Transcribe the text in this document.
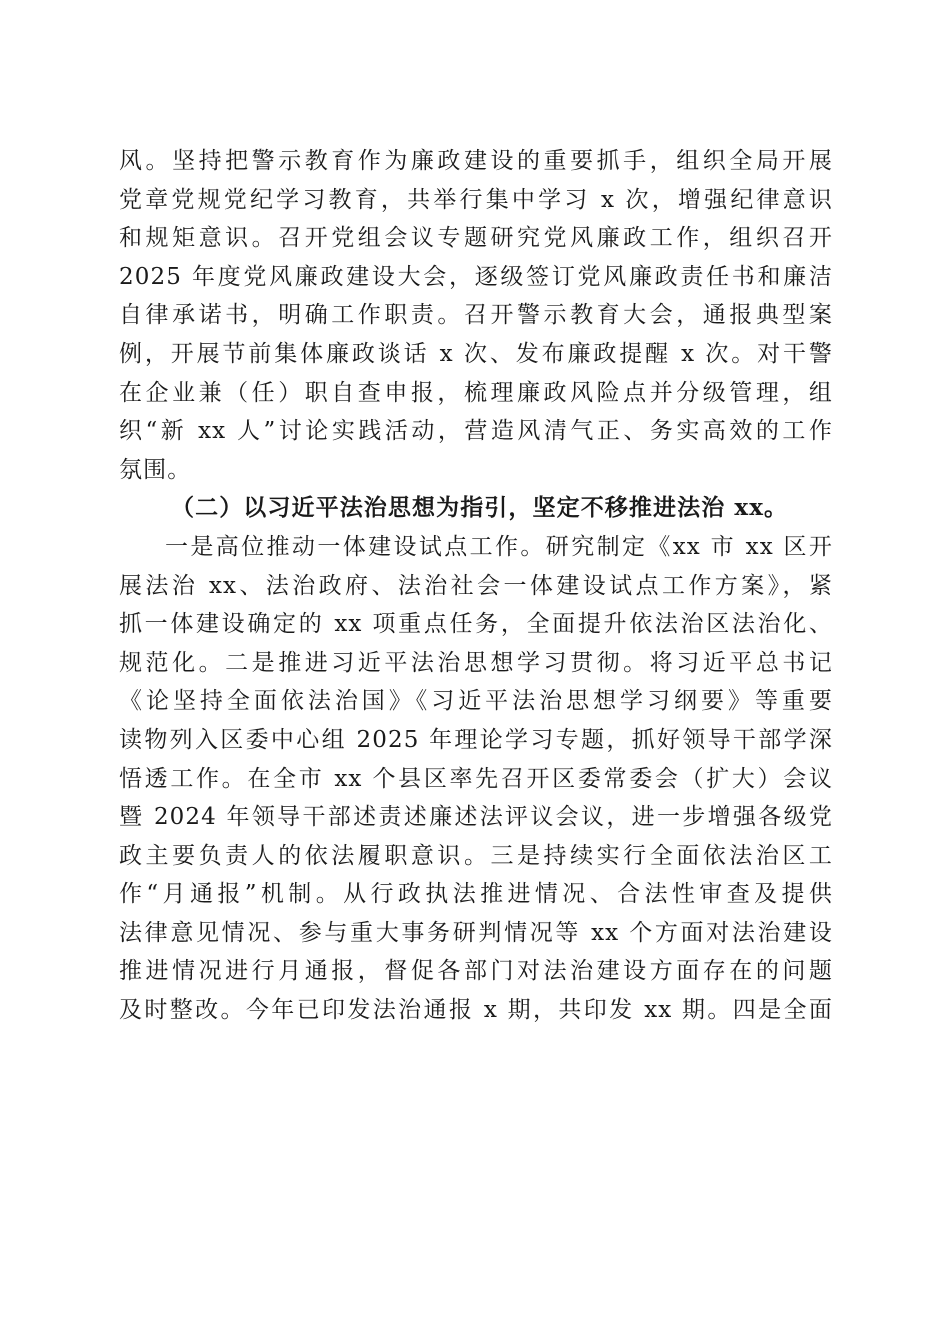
风。坚持把警示教育作为廉政建设的重要抓手，组织全局开展
党章党规党纪学习教育，共举行集中学习 x 次，增强纪律意识
和规矩意识。召开党组会议专题研究党风廉政工作，组织召开
2025 年度党风廉政建设大会，逐级签订党风廉政责任书和廉洁
自律承诺书，明确工作职责。召开警示教育大会，通报典型案
例，开展节前集体廉政谈话 x 次、发布廉政提醒 x 次。对干警
在企业兼（任）职自查申报，梳理廉政风险点并分级管理，组
织“新 xx 人”讨论实践活动，营造风清气正、务实高效的工作
氛围。
（二）以习近平法治思想为指引，坚定不移推进法治 xx。
一是高位推动一体建设试点工作。研究制定《xx 市 xx 区开
展法治 xx、法治政府、法治社会一体建设试点工作方案》，紧
抓一体建设确定的 xx 项重点任务，全面提升依法治区法治化、
规范化。二是推进习近平法治思想学习贯彻。将习近平总书记
《论坚持全面依法治国》《习近平法治思想学习纲要》等重要
读物列入区委中心组 2025 年理论学习专题，抓好领导干部学深
悟透工作。在全市 xx 个县区率先召开区委常委会（扩大）会议
暨 2024 年领导干部述责述廉述法评议会议，进一步增强各级党
政主要负责人的依法履职意识。三是持续实行全面依法治区工
作“月通报”机制。从行政执法推进情况、合法性审查及提供
法律意见情况、参与重大事务研判情况等 xx 个方面对法治建设
推进情况进行月通报，督促各部门对法治建设方面存在的问题
及时整改。今年已印发法治通报 x 期，共印发 xx 期。四是全面
